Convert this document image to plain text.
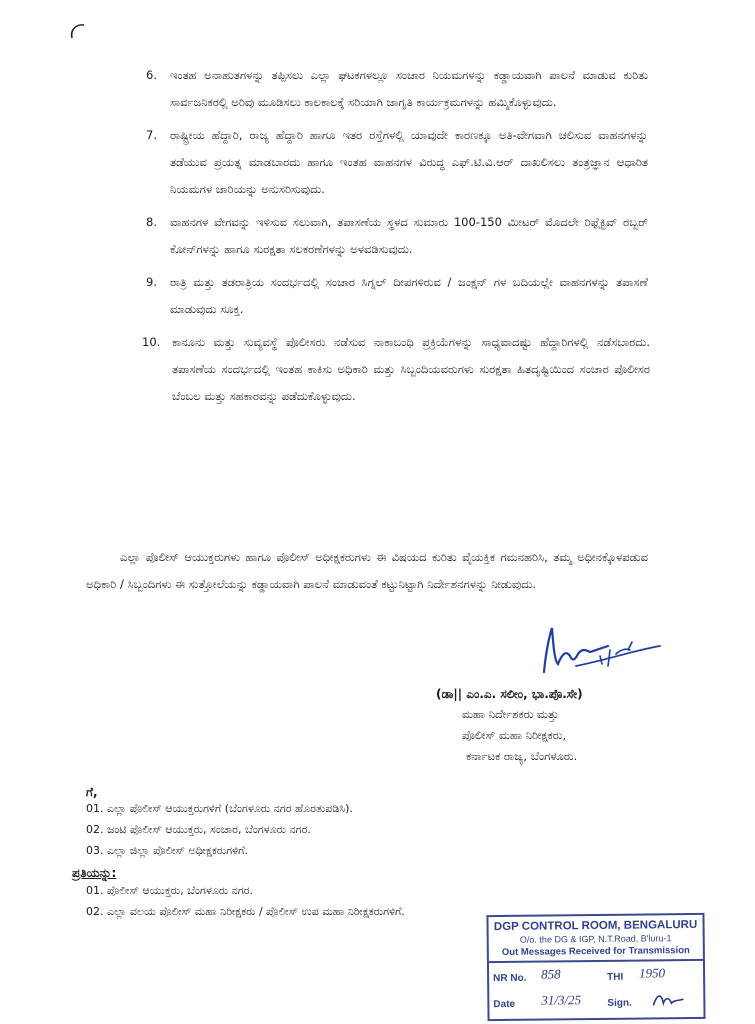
6. ಇಂತಹ ಅನಾಹುತಗಳನ್ನು ತಪ್ಪಿಸಲು ಎಲ್ಲಾ ಘಟಕಗಳಲ್ಲೂ ಸಂಚಾರ ನಿಯಮಗಳನ್ನು ಕಡ್ಡಾಯವಾಗಿ ಪಾಲನೆ ಮಾಡುವ ಕುರಿತು ಸಾರ್ವಜನಿಕರಲ್ಲಿ ಅರಿವು ಮೂಡಿಸಲು ಕಾಲಕಾಲಕ್ಕೆ ಸರಿಯಾಗಿ ಜಾಗೃತಿ ಕಾರ್ಯಕ್ರಮಗಳನ್ನು ಹಮ್ಮಿಕೊಳ್ಳುವುದು.
7. ರಾಷ್ಟ್ರೀಯ ಹೆದ್ದಾರಿ, ರಾಜ್ಯ ಹೆದ್ದಾರಿ ಹಾಗೂ ಇತರ ರಸ್ತೆಗಳಲ್ಲಿ ಯಾವುದೇ ಕಾರಣಕ್ಕೂ ಅತಿ-ವೇಗವಾಗಿ ಚಲಿಸುವ ವಾಹನಗಳನ್ನು ತಡೆಯುವ ಪ್ರಯತ್ನ ಮಾಡಬಾರದು ಹಾಗೂ ಇಂತಹ ವಾಹನಗಳ ವಿರುದ್ಧ ಎಫ್.ಟಿ.ವಿ.ಆರ್ ದಾಖಲಿಸಲು ತಂತ್ರಜ್ಞಾನ ಆಧಾರಿತ ನಿಯಮಗಳ ಜಾರಿಯನ್ನು ಅನುಸರಿಸುವುದು.
8. ವಾಹನಗಳ ವೇಗವನ್ನು ಇಳಿಸುವ ಸಲುವಾಗಿ, ತಪಾಸಣೆಯ ಸ್ಥಳದ ಸುಮಾರು 100-150 ಮೀಟರ್ ಮೊದಲೇ ರಿಫ್ಲೆಕ್ಟಿವ್ ರಬ್ಬರ್ ಕೋನ್‌ಗಳನ್ನು ಹಾಗೂ ಸುರಕ್ಷತಾ ಸಲಕರಣೆಗಳನ್ನು ಅಳವಡಿಸುವುದು.
9. ರಾತ್ರಿ ಮತ್ತು ತಡರಾತ್ರಿಯ ಸಂದರ್ಭದಲ್ಲಿ ಸಂಚಾರ ಸಿಗ್ನಲ್ ದೀಪಗಳಿರುವ / ಜಂಕ್ಷನ್ ಗಳ ಬದಿಯಲ್ಲೇ ವಾಹನಗಳನ್ನು ತಪಾಸಣೆ ಮಾಡುವುದು ಸೂಕ್ತ.
10. ಕಾನೂನು ಮತ್ತು ಸುವ್ಯವಸ್ಥೆ ಪೊಲೀಸರು ನಡೆಸುವ ನಾಕಾಬಂಧಿ ಪ್ರಕ್ರಿಯೆಗಳನ್ನು ಸಾಧ್ಯವಾದಷ್ಟು ಹೆದ್ದಾರಿಗಳಲ್ಲಿ ನಡೆಸಬಾರದು. ತಪಾಸಣೆಯ ಸಂದರ್ಭದಲ್ಲಿ ಇಂತಹ ಕಾಕಿಸು ಅಧಿಕಾರಿ ಮತ್ತು ಸಿಬ್ಬಂದಿಯವರುಗಳು ಸುರಕ್ಷತಾ ಹಿತದೃಷ್ಟಿಯಿಂದ ಸಂಚಾರ ಪೊಲೀಸರ ಬೆಂಬಲ ಮತ್ತು ಸಹಕಾರವನ್ನು ಪಡೆದುಕೊಳ್ಳುವುದು.
ಎಲ್ಲಾ ಪೊಲೀಸ್ ಆಯುಕ್ತರುಗಳು ಹಾಗೂ ಪೊಲೀಸ್ ಅಧೀಕ್ಷಕರುಗಳು ಈ ವಿಷಯದ ಕುರಿತು ವೈಯಕ್ತಿಕ ಗಮನಹರಿಸಿ, ತಮ್ಮ ಅಧೀನಕ್ಕೊಳಪಡುವ ಅಧಿಕಾರಿ / ಸಿಬ್ಬಂದಿಗಳು ಈ ಸುತ್ತೋಲೆಯನ್ನು ಕಡ್ಡಾಯವಾಗಿ ಪಾಲನೆ ಮಾಡುವಂತೆ ಕಟ್ಟುನಿಟ್ಟಾಗಿ ನಿರ್ದೇಶನಗಳನ್ನು ನೀಡುವುದು.
(ಡಾ|| ಎಂ.ಎ. ಸಲೀಂ, ಭಾ.ಪೊ.ಸೇ)
ಮಹಾ ನಿರ್ದೇಶಕರು ಮತ್ತು
ಪೊಲೀಸ್ ಮಹಾ ನಿರೀಕ್ಷಕರು,
ಕರ್ನಾಟಕ ರಾಜ್ಯ, ಬೆಂಗಳೂರು.
ಗೆ,
01. ಎಲ್ಲಾ ಪೊಲೀಸ್ ಆಯುಕ್ತರುಗಳಿಗೆ (ಬೆಂಗಳೂರು ನಗರ ಹೊರತುಪಡಿಸಿ).
02. ಜಂಟಿ ಪೊಲೀಸ್ ಆಯುಕ್ತರು, ಸಂಚಾರ, ಬೆಂಗಳೂರು ನಗರ.
03. ಎಲ್ಲಾ ಜಿಲ್ಲಾ ಪೊಲೀಸ್ ಅಧೀಕ್ಷಕರುಗಳಿಗೆ.
ಪ್ರತಿಯನ್ನು:
01. ಪೊಲೀಸ್ ಆಯುಕ್ತರು, ಬೆಂಗಳೂರು ನಗರ.
02. ಎಲ್ಲಾ ವಲಯ ಪೊಲೀಸ್ ಮಹಾ ನಿರೀಕ್ಷಕರು / ಪೊಲೀಸ್ ಉಪ ಮಹಾ ನಿರೀಕ್ಷಕರುಗಳಿಗೆ.
DGP CONTROL ROOM, BENGALURU
O/o. the DG & IGP, N.T.Road, B'luru-1
Out Messages Received for Transmission
NR No. 858	THI 1950
Date 31/3/25	Sign.
